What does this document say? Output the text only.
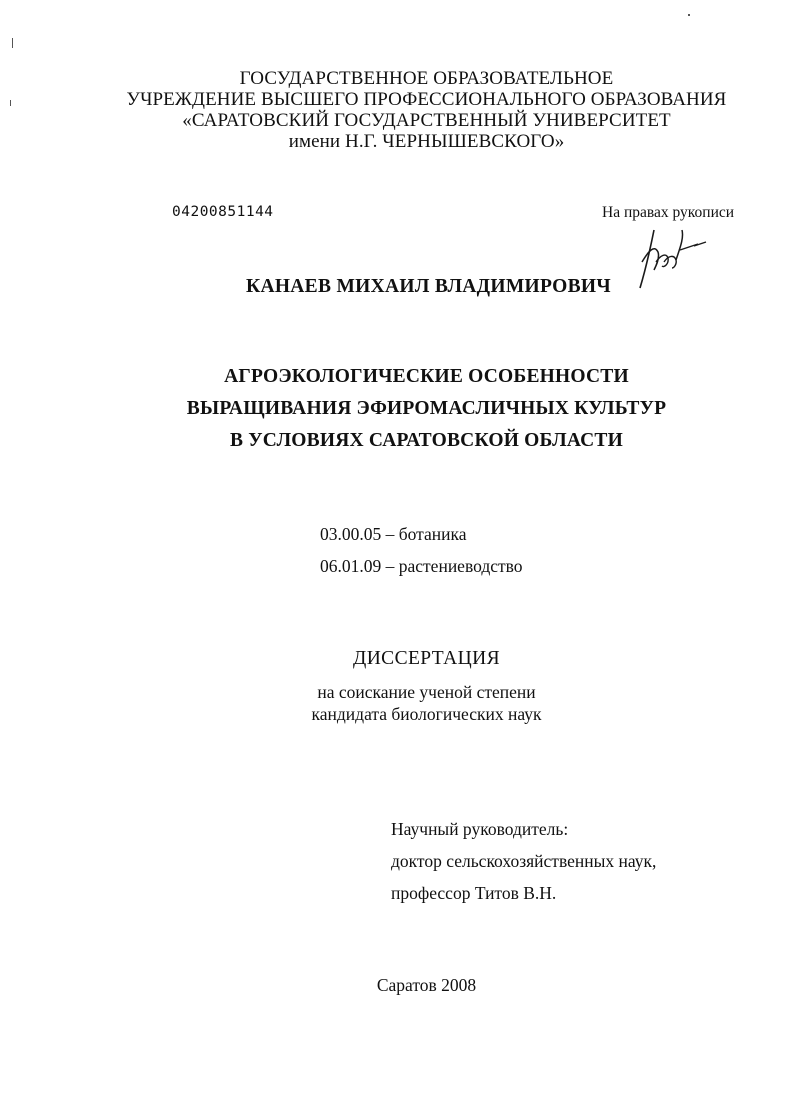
ГОСУДАРСТВЕННОЕ ОБРАЗОВАТЕЛЬНОЕ
УЧРЕЖДЕНИЕ ВЫСШЕГО ПРОФЕССИОНАЛЬНОГО ОБРАЗОВАНИЯ
«САРАТОВСКИЙ ГОСУДАРСТВЕННЫЙ УНИВЕРСИТЕТ
имени Н.Г. ЧЕРНЫШЕВСКОГО»
04200851144	На правах рукописи
КАНАЕВ МИХАИЛ ВЛАДИМИРОВИЧ
АГРОЭКОЛОГИЧЕСКИЕ ОСОБЕННОСТИ
ВЫРАЩИВАНИЯ ЭФИРОМАСЛИЧНЫХ КУЛЬТУР
В УСЛОВИЯХ САРАТОВСКОЙ ОБЛАСТИ
03.00.05 – ботаника
06.01.09 – растениеводство
ДИССЕРТАЦИЯ
на соискание ученой степени
кандидата биологических наук
Научный руководитель:
доктор сельскохозяйственных наук,
профессор Титов В.Н.
Саратов 2008
